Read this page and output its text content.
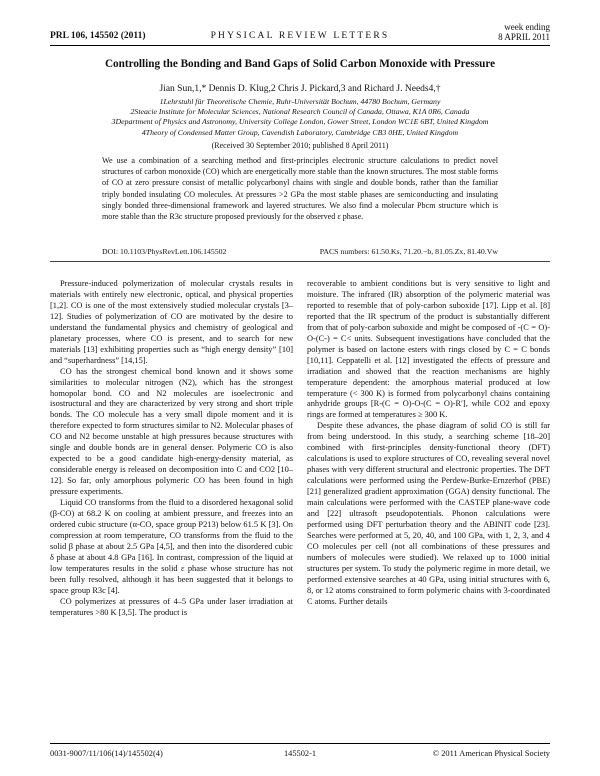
PRL 106, 145502 (2011)	PHYSICAL REVIEW LETTERS
week ending
8 APRIL 2011
Controlling the Bonding and Band Gaps of Solid Carbon Monoxide with Pressure
Jian Sun,1,* Dennis D. Klug,2 Chris J. Pickard,3 and Richard J. Needs4,†
1Lehrstuhl für Theoretische Chemie, Ruhr-Universität Bochum, 44780 Bochum, Germany
2Steacie Institute for Molecular Sciences, National Research Council of Canada, Ottawa, K1A 0R6, Canada
3Department of Physics and Astronomy, University College London, Gower Street, London WC1E 6BT, United Kingdom
4Theory of Condensed Matter Group, Cavendish Laboratory, Cambridge CB3 0HE, United Kingdom
(Received 30 September 2010; published 8 April 2011)
We use a combination of a searching method and first-principles electronic structure calculations to predict novel structures of carbon monoxide (CO) which are energetically more stable than the known structures. The most stable forms of CO at zero pressure consist of metallic polycarbonyl chains with single and double bonds, rather than the familiar triply bonded insulating CO molecules. At pressures >2 GPa the most stable phases are semiconducting and insulating singly bonded three-dimensional framework and layered structures. We also find a molecular Pbcm structure which is more stable than the R3c structure proposed previously for the observed ε phase.
DOI: 10.1103/PhysRevLett.106.145502	PACS numbers: 61.50.Ks, 71.20.−b, 81.05.Zx, 81.40.Vw

Pressure-induced polymerization of molecular crystals results in materials with entirely new electronic, optical, and physical properties [1,2]. CO is one of the most extensively studied molecular crystals [3–12]. Studies of polymerization of CO are motivated by the desire to understand the fundamental physics and chemistry of geological and planetary processes, where CO is present, and to search for new materials [13] exhibiting properties such as “high energy density” [10] and “superhardness” [14,15].

CO has the strongest chemical bond known and it shows some similarities to molecular nitrogen (N2), which has the strongest homopolar bond. CO and N2 molecules are isoelectronic and isostructural and they are characterized by very strong and short triple bonds. The CO molecule has a very small dipole moment and it is therefore expected to form structures similar to N2. Molecular phases of CO and N2 become unstable at high pressures because structures with single and double bonds are in general denser. Polymeric CO is also expected to be a good candidate high-energy-density material, as considerable energy is released on decomposition into C and CO2 [10–12]. So far, only amorphous polymeric CO has been found in high pressure experiments.

Liquid CO transforms from the fluid to a disordered hexagonal solid (β-CO) at 68.2 K on cooling at ambient pressure, and freezes into an ordered cubic structure (α-CO, space group P213) below 61.5 K [3]. On compression at room temperature, CO transforms from the fluid to the solid β phase at about 2.5 GPa [4,5], and then into the disordered cubic δ phase at about 4.8 GPa [16]. In contrast, compression of the liquid at low temperatures results in the solid ε phase whose structure has not been fully resolved, although it has been suggested that it belongs to space group R3c [4].

CO polymerizes at pressures of 4–5 GPa under laser irradiation at temperatures >80 K [3,5]. The product is

recoverable to ambient conditions but is very sensitive to light and moisture. The infrared (IR) absorption of the polymeric material was reported to resemble that of poly-carbon suboxide [17]. Lipp et al. [8] reported that the IR spectrum of the product is substantially different from that of poly-carbon suboxide and might be composed of -(C = O)-O-(C-) = C< units. Subsequent investigations have concluded that the polymer is based on lactone esters with rings closed by C = C bonds [10,11]. Ceppatelli et al. [12] investigated the effects of pressure and irradiation and showed that the reaction mechanisms are highly temperature dependent: the amorphous material produced at low temperature (< 300 K) is formed from polycarbonyl chains containing anhydride groups [R-(C = O)-O-(C = O)-R′], while CO2 and epoxy rings are formed at temperatures ≥ 300 K.

Despite these advances, the phase diagram of solid CO is still far from being understood. In this study, a searching scheme [18–20] combined with first-principles density-functional theory (DFT) calculations is used to explore structures of CO, revealing several novel phases with very different structural and electronic properties. The DFT calculations were performed using the Perdew-Burke-Ernzerhof (PBE) [21] generalized gradient approximation (GGA) density functional. The main calculations were performed with the CASTEP plane-wave code and [22] ultrasoft pseudopotentials. Phonon calculations were performed using DFT perturbation theory and the ABINIT code [23]. Searches were performed at 5, 20, 40, and 100 GPa, with 1, 2, 3, and 4 CO molecules per cell (not all combinations of these pressures and numbers of molecules were studied). We relaxed up to 1000 initial structures per system. To study the polymeric regime in more detail, we performed extensive searches at 40 GPa, using initial structures with 6, 8, or 12 atoms constrained to form polymeric chains with 3-coordinated C atoms. Further details

0031-9007/11/106(14)/145502(4)	145502-1	© 2011 American Physical Society
